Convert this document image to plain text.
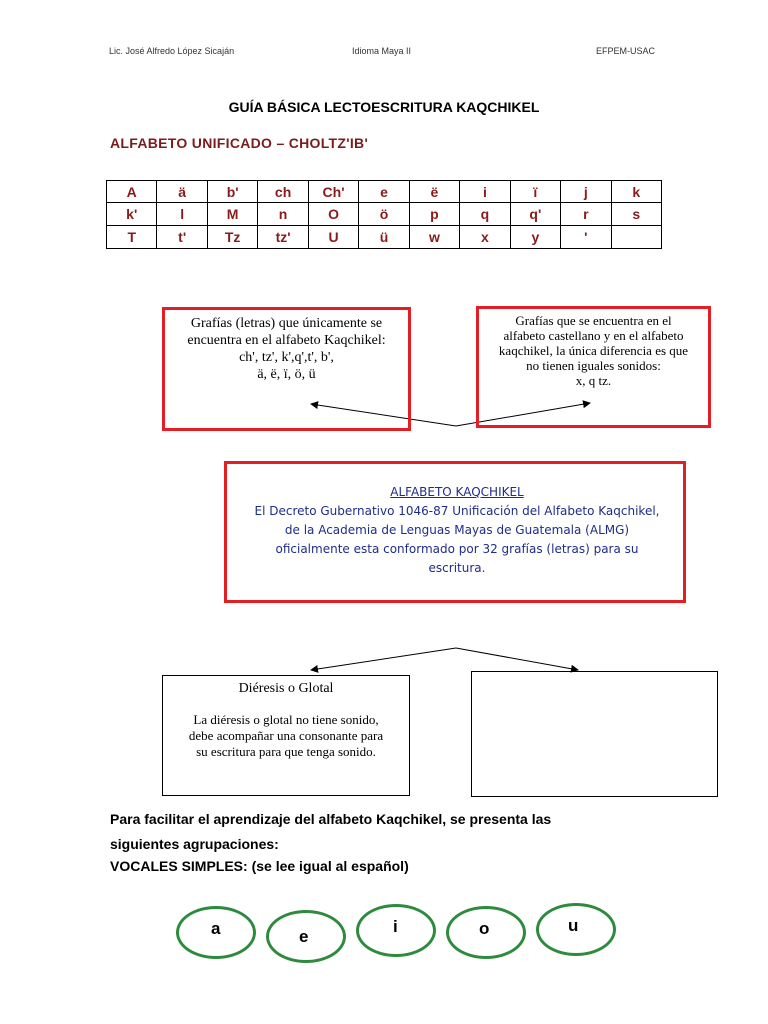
Lic. José Alfredo López Sicaján	Idioma Maya II	EFPEM-USAC
GUÍA BÁSICA LECTOESCRITURA KAQCHIKEL
ALFABETO UNIFICADO – CHOLTZ'IB'
A	ä	b'	ch	Ch'	e	ë	i	ï	j	k
k'	l	M	n	O	ö	p	q	q'	r	s
T	t'	Tz	tz'	U	ü	w	x	y	'	
Grafías (letras) que únicamente se
encuentra en el alfabeto Kaqchikel:
ch', tz', k',q',t', b',
ä, ë, ï, ö, ü
Grafías que se encuentra en el
alfabeto castellano y en el alfabeto
kaqchikel, la única diferencia es que
no tienen iguales sonidos:
x, q tz.
ALFABETO KAQCHIKEL
El Decreto Gubernativo 1046-87 Unificación del Alfabeto Kaqchikel,
de la Academia de Lenguas Mayas de Guatemala (ALMG)
oficialmente esta conformado por 32 grafías (letras) para su
escritura.
Diéresis o Glotal
La diéresis o glotal no tiene sonido,
debe acompañar una consonante para
su escritura para que tenga sonido.
Para facilitar el aprendizaje del alfabeto Kaqchikel, se presenta las
siguientes agrupaciones:
VOCALES SIMPLES: (se lee igual al español)
a	e
i	o	u
